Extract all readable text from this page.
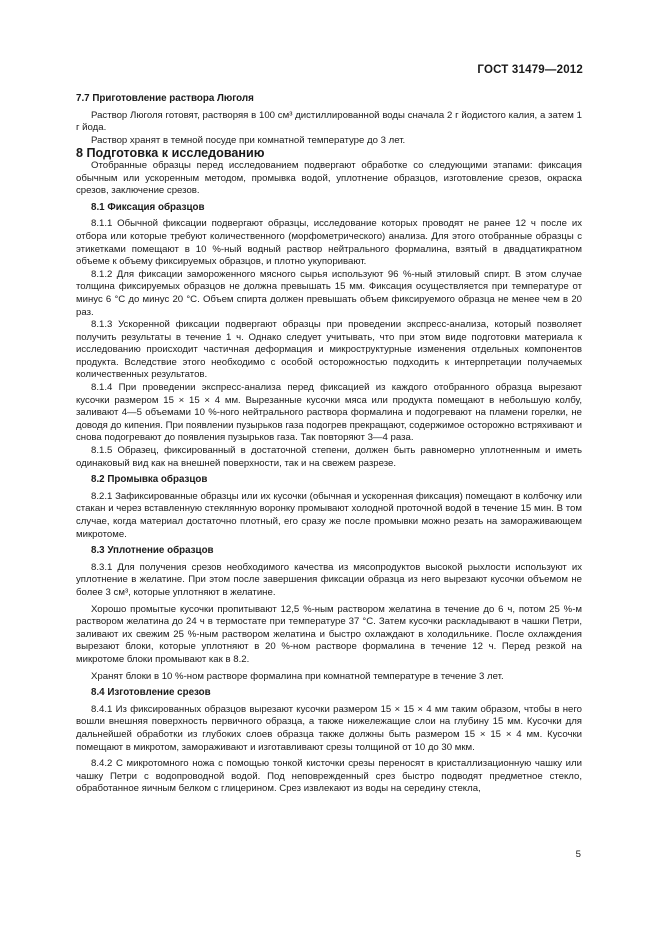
ГОСТ 31479—2012

7.7 Приготовление раствора Люголя

Раствор Люголя готовят, растворяя в 100 см³ дистиллированной воды сначала 2 г йодистого калия, а затем 1 г йода.

Раствор хранят в темной посуде при комнатной температуре до 3 лет.

8 Подготовка к исследованию

Отобранные образцы перед исследованием подвергают обработке со следующими этапами: фиксация обычным или ускоренным методом, промывка водой, уплотнение образцов, изготовление срезов, окраска срезов, заключение срезов.

8.1 Фиксация образцов

8.1.1 Обычной фиксации подвергают образцы, исследование которых проводят не ранее 12 ч после их отбора или которые требуют количественного (морфометрического) анализа. Для этого отобранные образцы с этикетками помещают в 10 %-ный водный раствор нейтрального формалина, взятый в двадцатикратном объеме к объему фиксируемых образцов, и плотно укупоривают.

8.1.2 Для фиксации замороженного мясного сырья используют 96 %-ный этиловый спирт. В этом случае толщина фиксируемых образцов не должна превышать 15 мм. Фиксация осуществляется при температуре от минус 6 °С до минус 20 °С. Объем спирта должен превышать объем фиксируемого образца не менее чем в 20 раз.

8.1.3 Ускоренной фиксации подвергают образцы при проведении экспресс-анализа, который позволяет получить результаты в течение 1 ч. Однако следует учитывать, что при этом виде подготовки материала к исследованию происходит частичная деформация и микроструктурные изменения отдельных компонентов продукта. Вследствие этого необходимо с особой осторожностью подходить к интерпретации получаемых количественных результатов.

8.1.4 При проведении экспресс-анализа перед фиксацией из каждого отобранного образца вырезают кусочки размером 15 × 15 × 4 мм. Вырезанные кусочки мяса или продукта помещают в небольшую колбу, заливают 4—5 объемами 10 %-ного нейтрального раствора формалина и подогревают на пламени горелки, не доводя до кипения. При появлении пузырьков газа подогрев прекращают, содержимое осторожно встряхивают и снова подогревают до появления пузырьков газа. Так повторяют 3—4 раза.

8.1.5 Образец, фиксированный в достаточной степени, должен быть равномерно уплотненным и иметь одинаковый вид как на внешней поверхности, так и на свежем разрезе.

8.2 Промывка образцов

8.2.1 Зафиксированные образцы или их кусочки (обычная и ускоренная фиксация) помещают в колбочку или стакан и через вставленную стеклянную воронку промывают холодной проточной водой в течение 15 мин. В том случае, когда материал достаточно плотный, его сразу же после промывки можно резать на замораживающем микротоме.

8.3 Уплотнение образцов

8.3.1 Для получения срезов необходимого качества из мясопродуктов высокой рыхлости используют их уплотнение в желатине. При этом после завершения фиксации образца из него вырезают кусочки объемом не более 3 см³, которые уплотняют в желатине.

Хорошо промытые кусочки пропитывают 12,5 %-ным раствором желатина в течение до 6 ч, потом 25 %-м раствором желатина до 24 ч в термостате при температуре 37 °С. Затем кусочки раскладывают в чашки Петри, заливают их свежим 25 %-ным раствором желатина и быстро охлаждают в холодильнике. После охлаждения вырезают блоки, которые уплотняют в 20 %-ном растворе формалина в течение 12 ч. Перед резкой на микротоме блоки промывают как в 8.2.

Хранят блоки в 10 %-ном растворе формалина при комнатной температуре в течение 3 лет.

8.4 Изготовление срезов

8.4.1 Из фиксированных образцов вырезают кусочки размером 15 × 15 × 4 мм таким образом, чтобы в него вошли внешняя поверхность первичного образца, а также нижележащие слои на глубину 15 мм. Кусочки для дальнейшей обработки из глубоких слоев образца также должны быть размером 15 × 15 × 4 мм. Кусочки помещают в микротом, замораживают и изготавливают срезы толщиной от 10 до 30 мкм.

8.4.2 С микротомного ножа с помощью тонкой кисточки срезы переносят в кристаллизационную чашку или чашку Петри с водопроводной водой. Под неповрежденный срез быстро подводят предметное стекло, обработанное яичным белком с глицерином. Срез извлекают из воды на середину стекла,

5
